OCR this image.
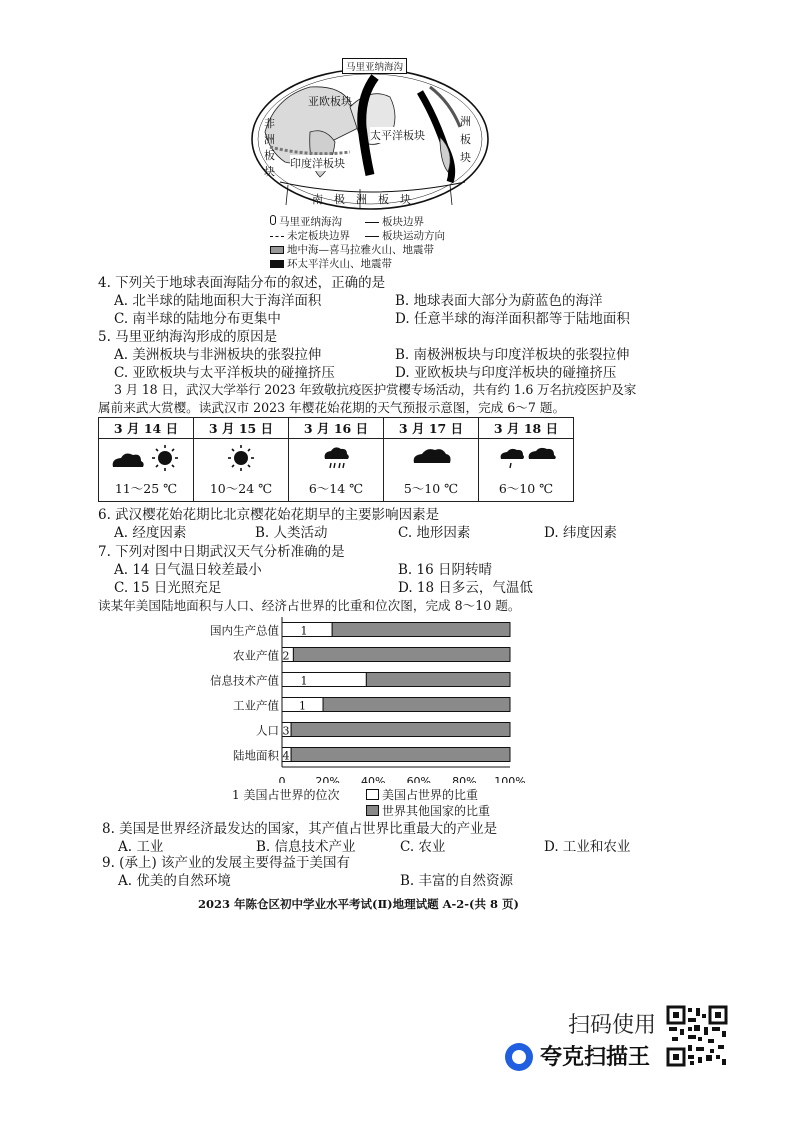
马里亚纳海沟
亚欧板块
非
洲
板
块
太平洋板块
印度洋板块
洲
板
块
南　极　洲　板　块
马里亚纳海沟	板块边界
未定板块边界	板块运动方向
地中海—喜马拉雅火山、地震带
环太平洋火山、地震带
4. 下列关于地球表面海陆分布的叙述，正确的是
A. 北半球的陆地面积大于海洋面积	B. 地球表面大部分为蔚蓝色的海洋
C. 南半球的陆地分布更集中	D. 任意半球的海洋面积都等于陆地面积
5. 马里亚纳海沟形成的原因是
A. 美洲板块与非洲板块的张裂拉伸	B. 南极洲板块与印度洋板块的张裂拉伸
C. 亚欧板块与太平洋板块的碰撞挤压	D. 亚欧板块与印度洋板块的碰撞挤压
3 月 18 日，武汉大学举行 2023 年致敬抗疫医护赏樱专场活动，共有约 1.6 万名抗疫医护及家
属前来武大赏樱。读武汉市 2023 年樱花始花期的天气预报示意图，完成 6～7 题。
3 月 14 日	3 月 15 日	3 月 16 日	3 月 17 日	3 月 18 日

11～25 ℃	10～24 ℃	6～14 ℃	5～10 ℃	6～10 ℃
6. 武汉樱花始花期比北京樱花始花期早的主要影响因素是
A. 经度因素	B. 人类活动	C. 地形因素	D. 纬度因素
7. 下列对图中日期武汉天气分析准确的是
A. 14 日气温日较差最小	B. 16 日阴转晴
C. 15 日光照充足	D. 18 日多云，气温低
读某年美国陆地面积与人口、经济占世界的比重和位次图，完成 8～10 题。
0	20% 40% 60% 80% 100%
国内生产总值 1
农业产值 2
信息技术产值 1
工业产值 1
人口 3
陆地面积 4
1 美国占世界的位次	美国占世界的比重
世界其他国家的比重
8. 美国是世界经济最发达的国家，其产值占世界比重最大的产业是
A. 工业	B. 信息技术产业	C. 农业	D. 工业和农业
9. (承上) 该产业的发展主要得益于美国有
A. 优美的自然环境	B. 丰富的自然资源
2023 年陈仓区初中学业水平考试(Ⅱ)地理试题 A-2-(共 8 页)
扫码使用
夸克扫描王
